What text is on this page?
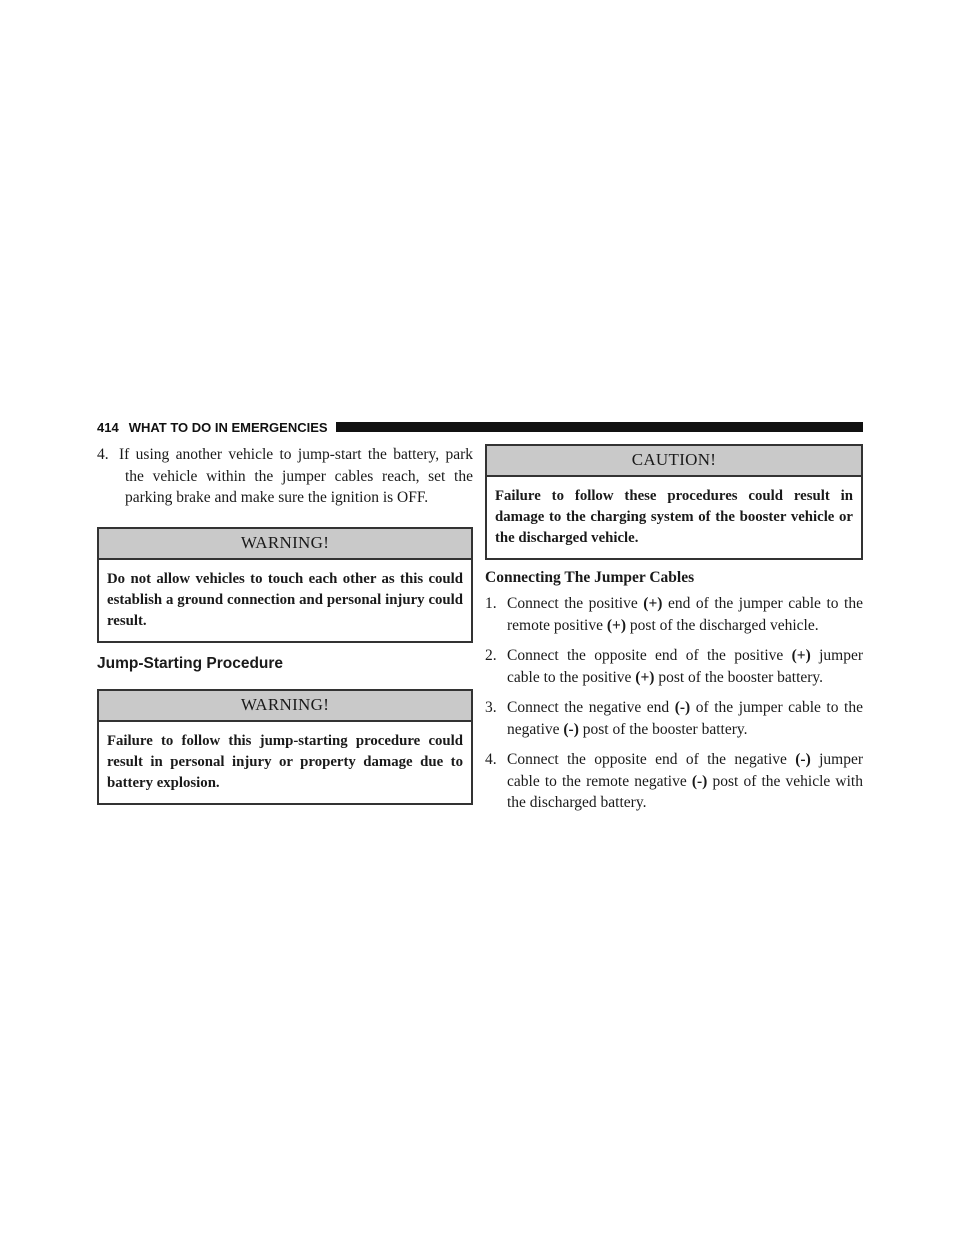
414 WHAT TO DO IN EMERGENCIES

4. If using another vehicle to jump-start the battery, park the vehicle within the jumper cables reach, set the parking brake and make sure the ignition is OFF.

WARNING!
Do not allow vehicles to touch each other as this could establish a ground connection and personal injury could result.
Jump-Starting Procedure
WARNING!
Failure to follow this jump-starting procedure could result in personal injury or property damage due to battery explosion.
CAUTION!
Failure to follow these procedures could result in damage to the charging system of the booster vehicle or the discharged vehicle.
Connecting The Jumper Cables

1. Connect the positive (+) end of the jumper cable to the remote positive (+) post of the discharged vehicle.

2. Connect the opposite end of the positive (+) jumper cable to the positive (+) post of the booster battery.

3. Connect the negative end (-) of the jumper cable to the negative (-) post of the booster battery.

4. Connect the opposite end of the negative (-) jumper cable to the remote negative (-) post of the vehicle with the discharged battery.
